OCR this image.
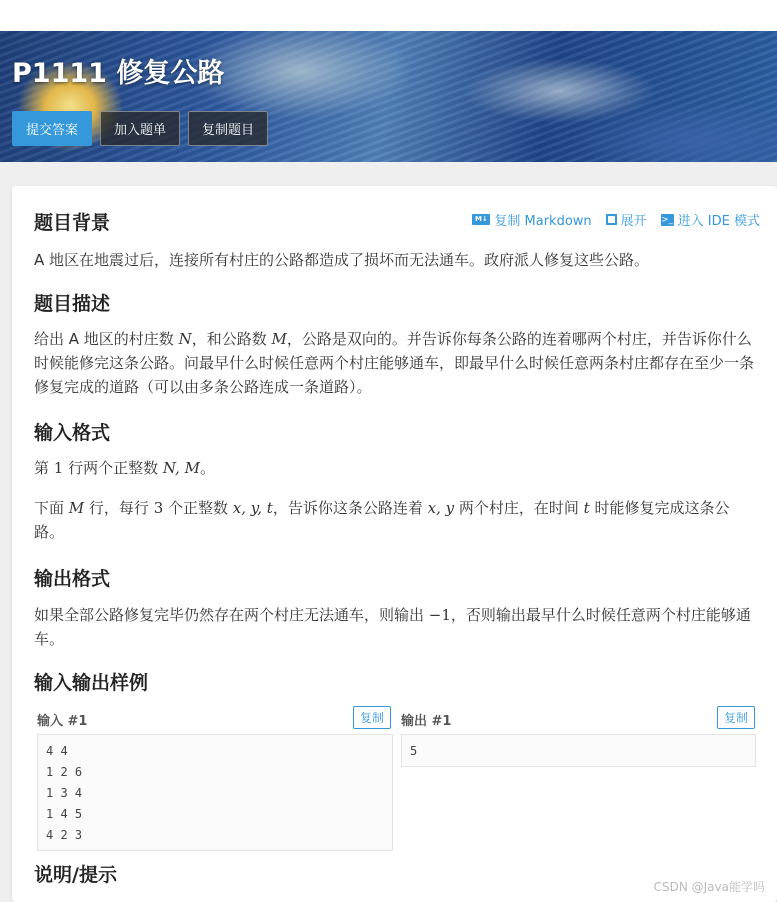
P1111 修复公路
提交答案	加入题单	复制题目
题目背景	M↓ 复制 Markdown 展开 >_ 进入 IDE 模式

A 地区在地震过后，连接所有村庄的公路都造成了损坏而无法通车。政府派人修复这些公路。

题目描述

给出 A 地区的村庄数 N，和公路数 M，公路是双向的。并告诉你每条公路的连着哪两个村庄，并告诉你什么时候能修完这条公路。问最早什么时候任意两个村庄能够通车，即最早什么时候任意两条村庄都存在至少一条修复完成的道路（可以由多条公路连成一条道路）。

输入格式

第 1 行两个正整数 N, M。

下面 M 行，每行 3 个正整数 x, y, t，告诉你这条公路连着 x, y 两个村庄，在时间 t 时能修复完成这条公路。

输出格式

如果全部公路修复完毕仍然存在两个村庄无法通车，则输出 −1，否则输出最早什么时候任意两个村庄能够通车。

输入输出样例
输入 #1	复制
4 4
1 2 6
1 3 4
1 4 5
4 2 3
输出 #1	复制
5
说明/提示
CSDN @Java能学吗
